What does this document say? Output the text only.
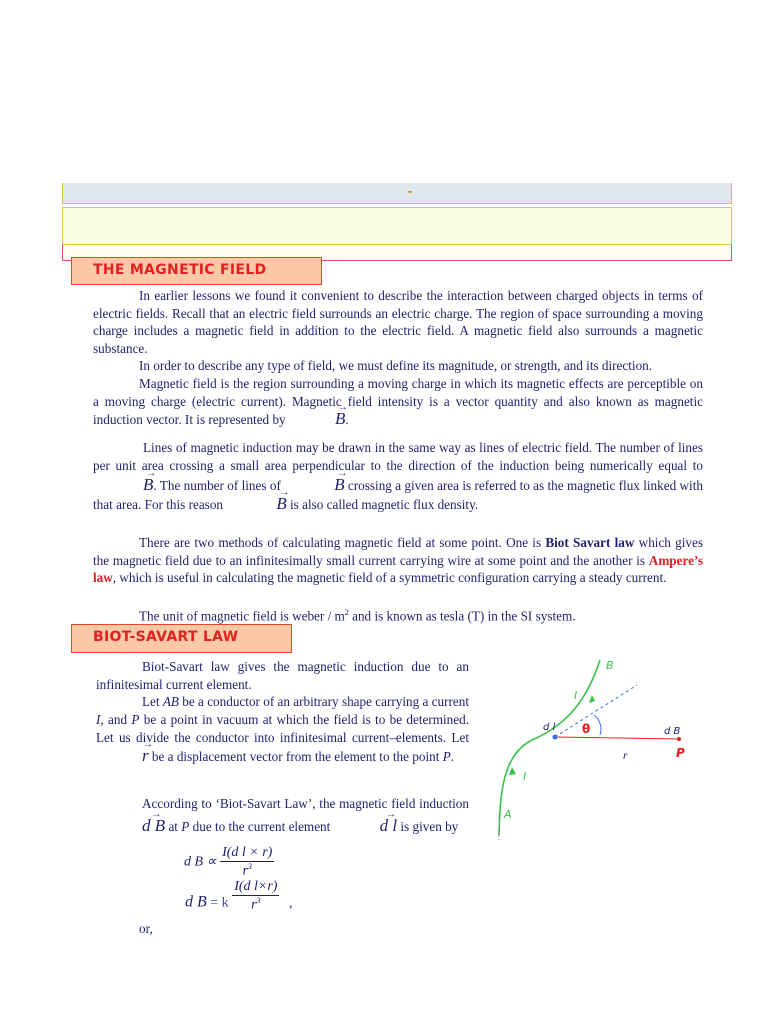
THE MAGNETIC FIELD

In earlier lessons we found it convenient to describe the interaction between charged objects in terms of electric fields. Recall that an electric field surrounds an electric charge. The region of space surrounding a moving charge includes a magnetic field in addition to the electric field. A magnetic field also surrounds a magnetic substance.

In order to describe any type of field, we must define its magnitude, or strength, and its direction.

Magnetic field is the region surrounding a moving charge in which its magnetic effects are perceptible on a moving charge (electric current). Magnetic field intensity is a vector quantity and also known as magnetic induction vector. It is represented by	→ B.

Lines of magnetic induction may be drawn in the same way as lines of electric field. The number of lines per unit area crossing a small area perpendicular to the direction of the induction being numerically equal to → B. The number of lines of	→ B crossing a given area is referred to as the magnetic flux linked with that area. For this reason	→ B is also called magnetic flux density.

There are two methods of calculating magnetic field at some point. One is Biot Savart law which gives the magnetic field due to an infinitesimally small current carrying wire at some point and the another is Ampere’s law, which is useful in calculating the magnetic field of a symmetric configuration carrying a steady current.

The unit of magnetic field is weber / $m^2$ and is known as tesla (T) in the SI system.

BIOT-SAVART LAW

Biot-Savart law gives the magnetic induction due to an infinitesimal current element.

Let AB be a conductor of an arbitrary shape carrying a current I, and P be a point in vacuum at which the field is to be determined. Let us divide the conductor into infinitesimal current–elements. Let → r be a displacement vector from the element to the point P.

According to ‘Biot-Savart Law’, the magnetic field induction → d B at P due to the current element	→ d l is given by

d $B \propto \frac{\text{I(d l × r)}}{r^3}$
or,
d B = k $\frac{\text{I(d l×r)}}{r^3}$ ,
B
I
d l θ	d B
P
r
I
A
